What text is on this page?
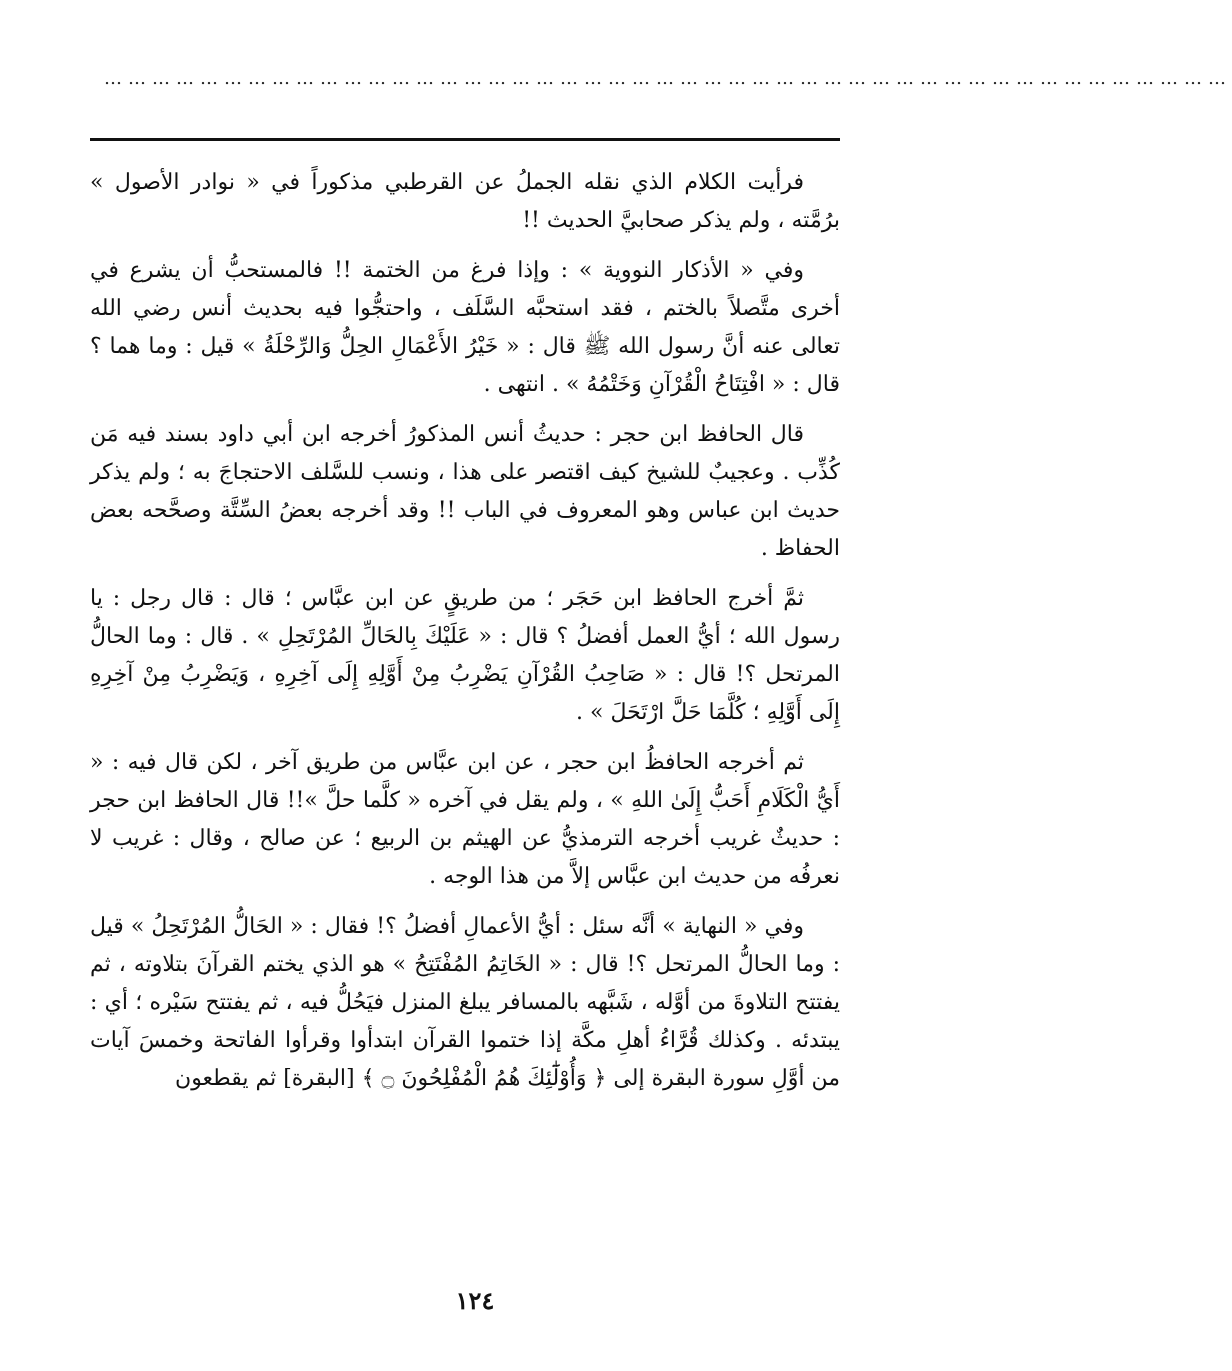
……………………………………………………………………………………………………………………………

فرأيت الكلام الذي نقله الجملُ عن القرطبي مذكوراً في « نوادر الأصول » برُمَّته ، ولم يذكر صحابيَّ الحديث !!

وفي « الأذكار النووية » : وإذا فرغ من الختمة !! فالمستحبُّ أن يشرع في أخرى متَّصلاً بالختم ، فقد استحبَّه السَّلَف ، واحتجُّوا فيه بحديث أنس رضي الله تعالى عنه أنَّ رسول الله ﷺ قال : « خَيْرُ الأَعْمَالِ الحِلُّ وَالرِّحْلَةُ » قيل : وما هما ؟ قال : « افْتِتَاحُ الْقُرْآنِ وَخَتْمُهُ » . انتهى .

قال الحافظ ابن حجر : حديثُ أنس المذكورُ أخرجه ابن أبي داود بسند فيه مَن كُذِّب . وعجيبٌ للشيخ كيف اقتصر على هذا ، ونسب للسَّلف الاحتجاجَ به ؛ ولم يذكر حديث ابن عباس وهو المعروف في الباب !! وقد أخرجه بعضُ السِّتَّة وصحَّحه بعض الحفاظ .

ثمَّ أخرج الحافظ ابن حَجَر ؛ من طريقٍ عن ابن عبَّاس ؛ قال : قال رجل : يا رسول الله ؛ أيُّ العمل أفضلُ ؟ قال : « عَلَيْكَ بِالحَالِّ المُرْتَحِلِ » . قال : وما الحالُّ المرتحل ؟! قال : « صَاحِبُ القُرْآنِ يَضْرِبُ مِنْ أَوَّلِهِ إِلَى آخِرِهِ ، وَيَضْرِبُ مِنْ آخِرِهِ إِلَى أَوَّلِهِ ؛ كُلَّمَا حَلَّ ارْتَحَلَ » .

ثم أخرجه الحافظُ ابن حجر ، عن ابن عبَّاس من طريق آخر ، لكن قال فيه : « أَيُّ الْكَلَامِ أَحَبُّ إِلَىٰ اللهِ » ، ولم يقل في آخره « كلَّما حلَّ »!! قال الحافظ ابن حجر : حديثٌ غريب أخرجه الترمذيُّ عن الهيثم بن الربيع ؛ عن صالح ، وقال : غريب لا نعرفُه من حديث ابن عبَّاس إلاَّ من هذا الوجه .

وفي « النهاية » أنَّه سئل : أيُّ الأعمالِ أفضلُ ؟! فقال : « الحَالُّ المُرْتَحِلُ » قيل : وما الحالُّ المرتحل ؟! قال : « الخَاتِمُ المُفْتَتِحُ » هو الذي يختم القرآنَ بتلاوته ، ثم يفتتح التلاوةَ من أوَّله ، شَبَّهه بالمسافر يبلغ المنزل فيَحُلُّ فيه ، ثم يفتتح سَيْره ؛ أي : يبتدئه . وكذلك قُرَّاءُ أهلِ مكَّة إذا ختموا القرآن ابتدأوا وقرأوا الفاتحة وخمسَ آيات من أوَّلِ سورة البقرة إلى ﴿ وَأُوْلَٰٓئِكَ هُمُ الْمُفْلِحُونَ ۝ ﴾ [البقرة] ثم يقطعون

١٢٤
